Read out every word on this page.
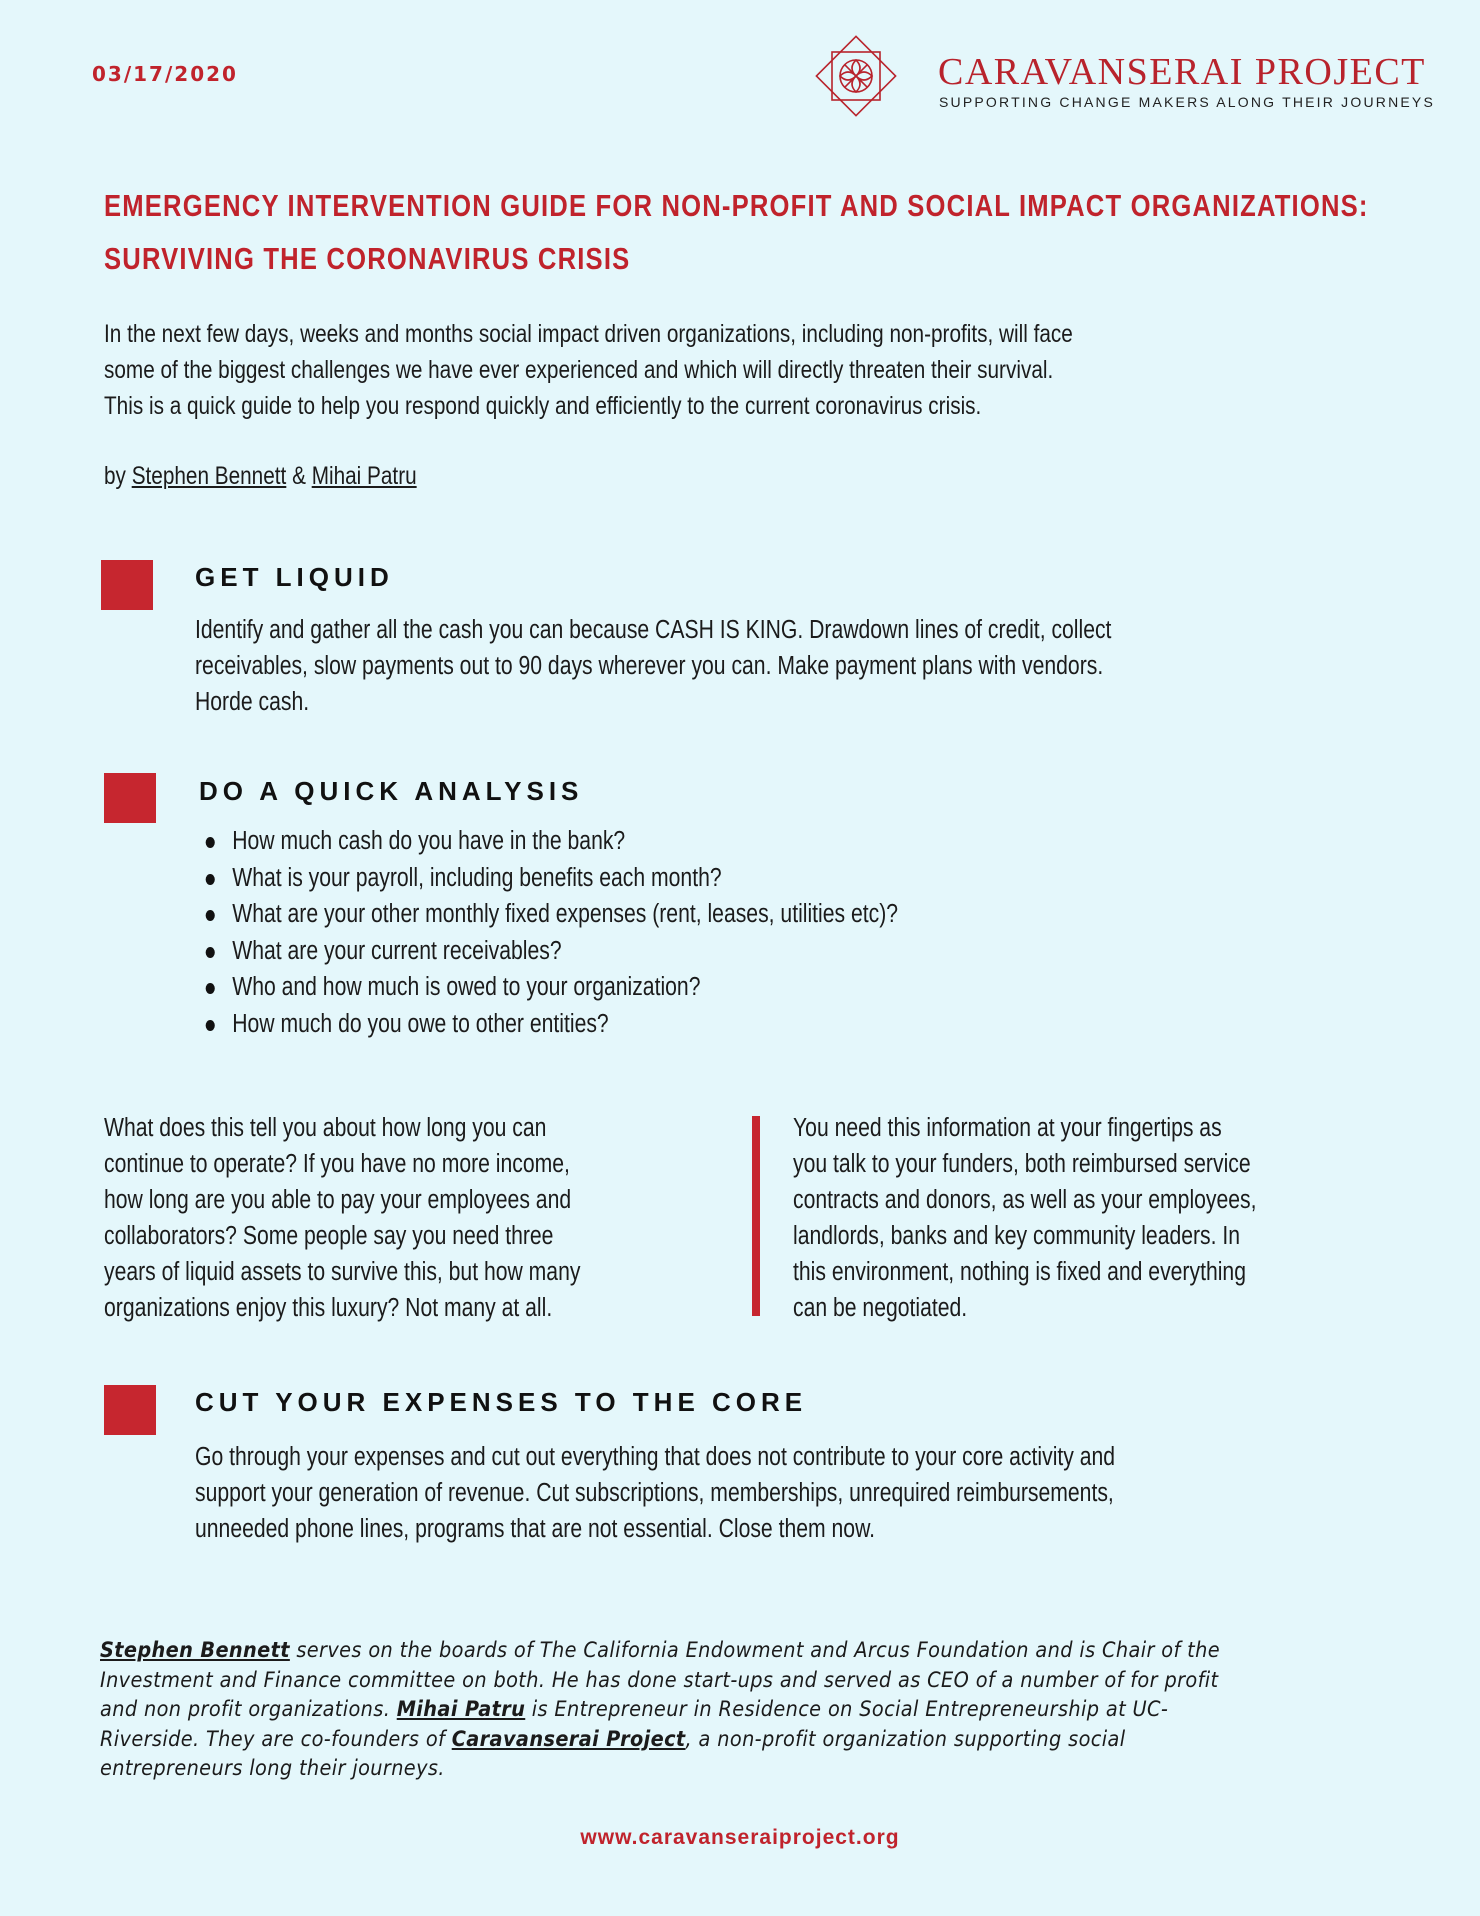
03/17/2020	CARAVANSERAI PROJECT
SUPPORTING CHANGE MAKERS ALONG THEIR JOURNEYS
EMERGENCY INTERVENTION GUIDE FOR NON-PROFIT AND SOCIAL IMPACT ORGANIZATIONS:
SURVIVING THE CORONAVIRUS CRISIS
In the next few days, weeks and months social impact driven organizations, including non-profits, will face
some of the biggest challenges we have ever experienced and which will directly threaten their survival.
This is a quick guide to help you respond quickly and efficiently to the current coronavirus crisis.
by Stephen Bennett & Mihai Patru
GET LIQUID
Identify and gather all the cash you can because CASH IS KING. Drawdown lines of credit, collect
receivables, slow payments out to 90 days wherever you can. Make payment plans with vendors.
Horde cash.
DO A QUICK ANALYSIS
How much cash do you have in the bank?
What is your payroll, including benefits each month?
What are your other monthly fixed expenses (rent, leases, utilities etc)?
What are your current receivables?
Who and how much is owed to your organization?
How much do you owe to other entities?
What does this tell you about how long you can
continue to operate? If you have no more income,
how long are you able to pay your employees and
collaborators? Some people say you need three
years of liquid assets to survive this, but how many
organizations enjoy this luxury? Not many at all.
You need this information at your fingertips as
you talk to your funders, both reimbursed service
contracts and donors, as well as your employees,
landlords, banks and key community leaders. In
this environment, nothing is fixed and everything
can be negotiated.
CUT YOUR EXPENSES TO THE CORE
Go through your expenses and cut out everything that does not contribute to your core activity and
support your generation of revenue. Cut subscriptions, memberships, unrequired reimbursements,
unneeded phone lines, programs that are not essential. Close them now.
Stephen Bennett serves on the boards of The California Endowment and Arcus Foundation and is Chair of the
Investment and Finance committee on both. He has done start-ups and served as CEO of a number of for profit
and non profit organizations. Mihai Patru is Entrepreneur in Residence on Social Entrepreneurship at UC-
Riverside. They are co-founders of Caravanserai Project, a non-profit organization supporting social
entrepreneurs long their journeys.
www.caravanseraiproject.org
